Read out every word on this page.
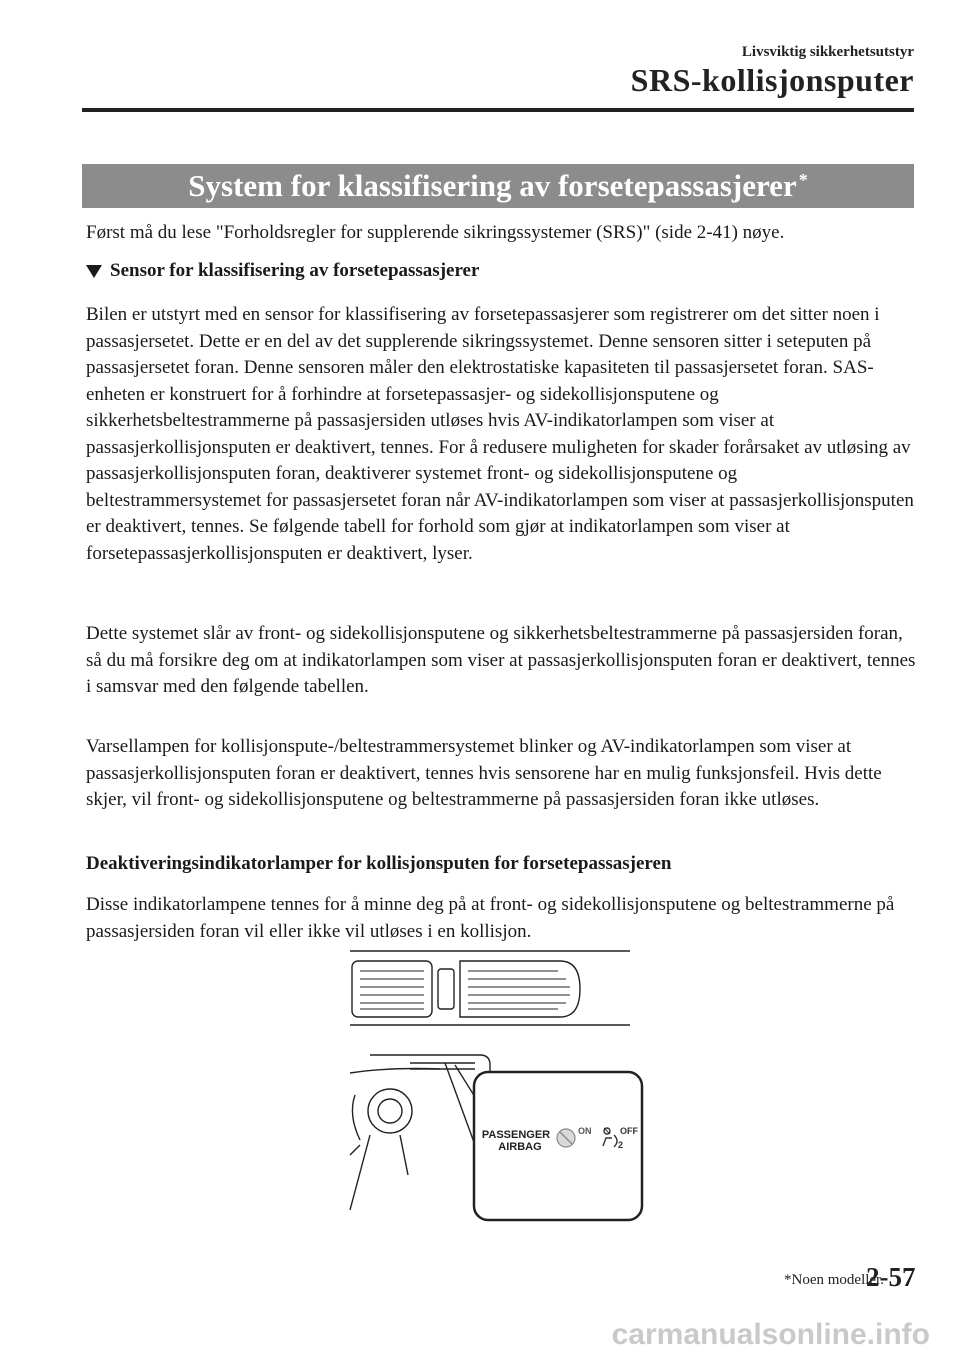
Livsviktig sikkerhetsutstyr
SRS-kollisjonsputer
System for klassifisering av forsetepassasjerer*
Først må du lese "Forholdsregler for supplerende sikringssystemer (SRS)" (side 2-41) nøye.
Sensor for klassifisering av forsetepassasjerer
Bilen er utstyrt med en sensor for klassifisering av forsetepassasjerer som registrerer om det sitter noen i passasjersetet. Dette er en del av det supplerende sikringssystemet. Denne sensoren sitter i seteputen på passasjersetet foran. Denne sensoren måler den elektrostatiske kapasiteten til passasjersetet foran. SAS-enheten er konstruert for å forhindre at forsetepassasjer- og sidekollisjonsputene og sikkerhetsbeltestrammerne på passasjersiden utløses hvis AV-indikatorlampen som viser at passasjerkollisjonsputen er deaktivert, tennes. For å redusere muligheten for skader forårsaket av utløsing av passasjerkollisjonsputen foran, deaktiverer systemet front- og sidekollisjonsputene og beltestrammersystemet for passasjersetet foran når AV-indikatorlampen som viser at passasjerkollisjonsputen er deaktivert, tennes. Se følgende tabell for forhold som gjør at indikatorlampen som viser at forsetepassasjerkollisjonsputen er deaktivert, lyser.
Dette systemet slår av front- og sidekollisjonsputene og sikkerhetsbeltestrammerne på passasjersiden foran, så du må forsikre deg om at indikatorlampen som viser at passasjerkollisjonsputen foran er deaktivert, tennes i samsvar med den følgende tabellen.
Varsellampen for kollisjonspute-/beltestrammersystemet blinker og AV-indikatorlampen som viser at passasjerkollisjonsputen foran er deaktivert, tennes hvis sensorene har en mulig funksjonsfeil. Hvis dette skjer, vil front- og sidekollisjonsputene og beltestrammerne på passasjersiden foran ikke utløses.
Deaktiveringsindikatorlamper for kollisjonsputen for forsetepassasjeren
Disse indikatorlampene tennes for å minne deg på at front- og sidekollisjonsputene og beltestrammerne på passasjersiden foran vil eller ikke vil utløses i en kollisjon.
PASSENGER
AIRBAG
ON	OFF
2
*Noen modeller.
2-57
carmanualsonline.info
